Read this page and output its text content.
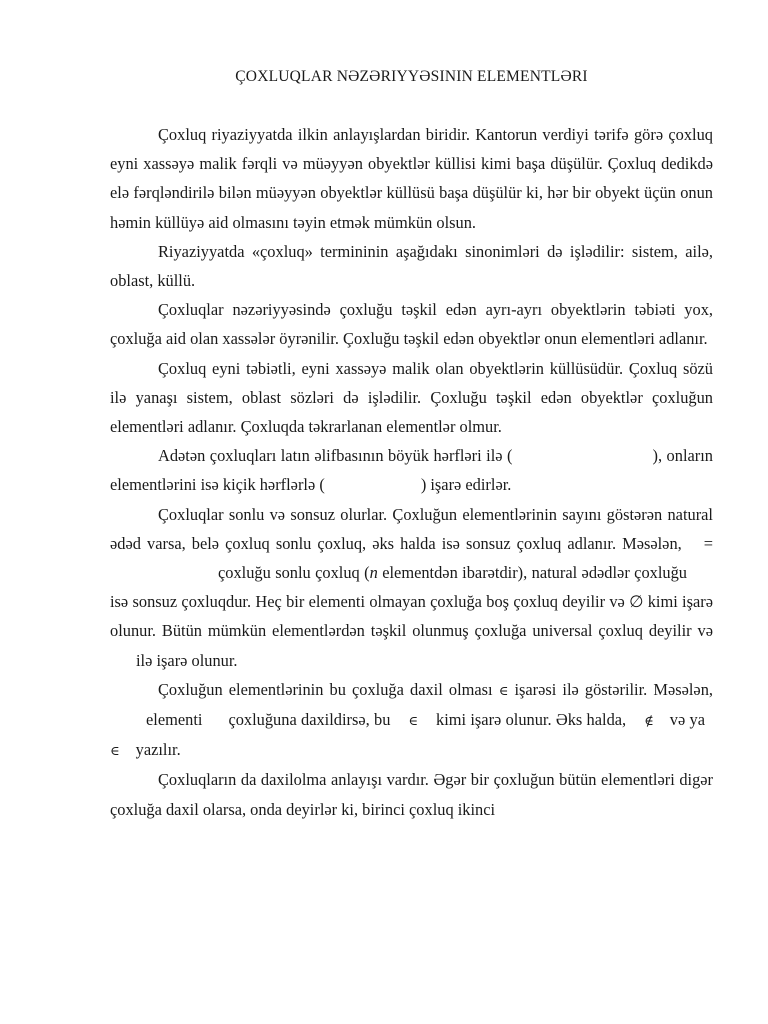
ÇOXLUQLAR NƏZƏRIYYƏSININ ELEMENTLƏRI

Çoxluq riyaziyyatda ilkin anlayışlardan biridir. Kantorun verdiyi tərifə görə çoxluq eyni xassəyə malik fərqli və müəyyən obyektlər küllisi kimi başa düşülür. Çoxluq dedikdə elə fərqləndirilə bilən müəyyən obyektlər küllüsü başa düşülür ki, hər bir obyekt üçün onun həmin küllüyə aid olmasını təyin etmək mümkün olsun.

Riyaziyyatda «çoxluq» termininin aşağıdakı sinonimləri də işlədilir: sistem, ailə, oblast, küllü.

Çoxluqlar nəzəriyyəsində çoxluğu təşkil edən ayrı-ayrı obyektlərin təbiəti yox, çoxluğa aid olan xassələr öyrənilir. Çoxluğu təşkil edən obyektlər onun elementləri adlanır.

Çoxluq eyni təbiətli, eyni xassəyə malik olan obyektlərin küllüsüdür. Çoxluq sözü ilə yanaşı sistem, oblast sözləri də işlədilir. Çoxluğu təşkil edən obyektlər çoxluğun elementləri adlanır. Çoxluqda təkrarlanan elementlər olmur.

Adətən çoxluqları latın əlifbasının böyük hərfləri ilə (	), onların elementlərini isə kiçik hərflərlə (	) işarə edirlər.

Çoxluqlar sonlu və sonsuz olurlar. Çoxluğun elementlərinin sayını göstərən natural ədəd varsa, belə çoxluq sonlu çoxluq, əks halda isə sonsuz çoxluq adlanır. Məsələn, =çoxluğu sonlu çoxluq (n elementdən ibarətdir), natural ədədlər çoxluğuisə sonsuz çoxluqdur. Heç bir elementi olmayan çoxluğa boş çoxluq deyilir və ∅ kimi işarə olunur. Bütün mümkün elementlərdən təşkil olunmuş çoxluğa universal çoxluq deyilir vəilə işarə olunur.

Çoxluğun elementlərinin bu çoxluğa daxil olması ∈ işarəsi ilə göstərilir. Məsələn,elementi çoxluğuna daxildirsə, bu ∈ kimi işarə olunur. Əks halda, ∉ və ya∈ yazılır.

Çoxluqların da daxilolma anlayışı vardır. Əgər bir çoxluğun bütün elementləri digər çoxluğa daxil olarsa, onda deyirlər ki, birinci çoxluq ikinci
